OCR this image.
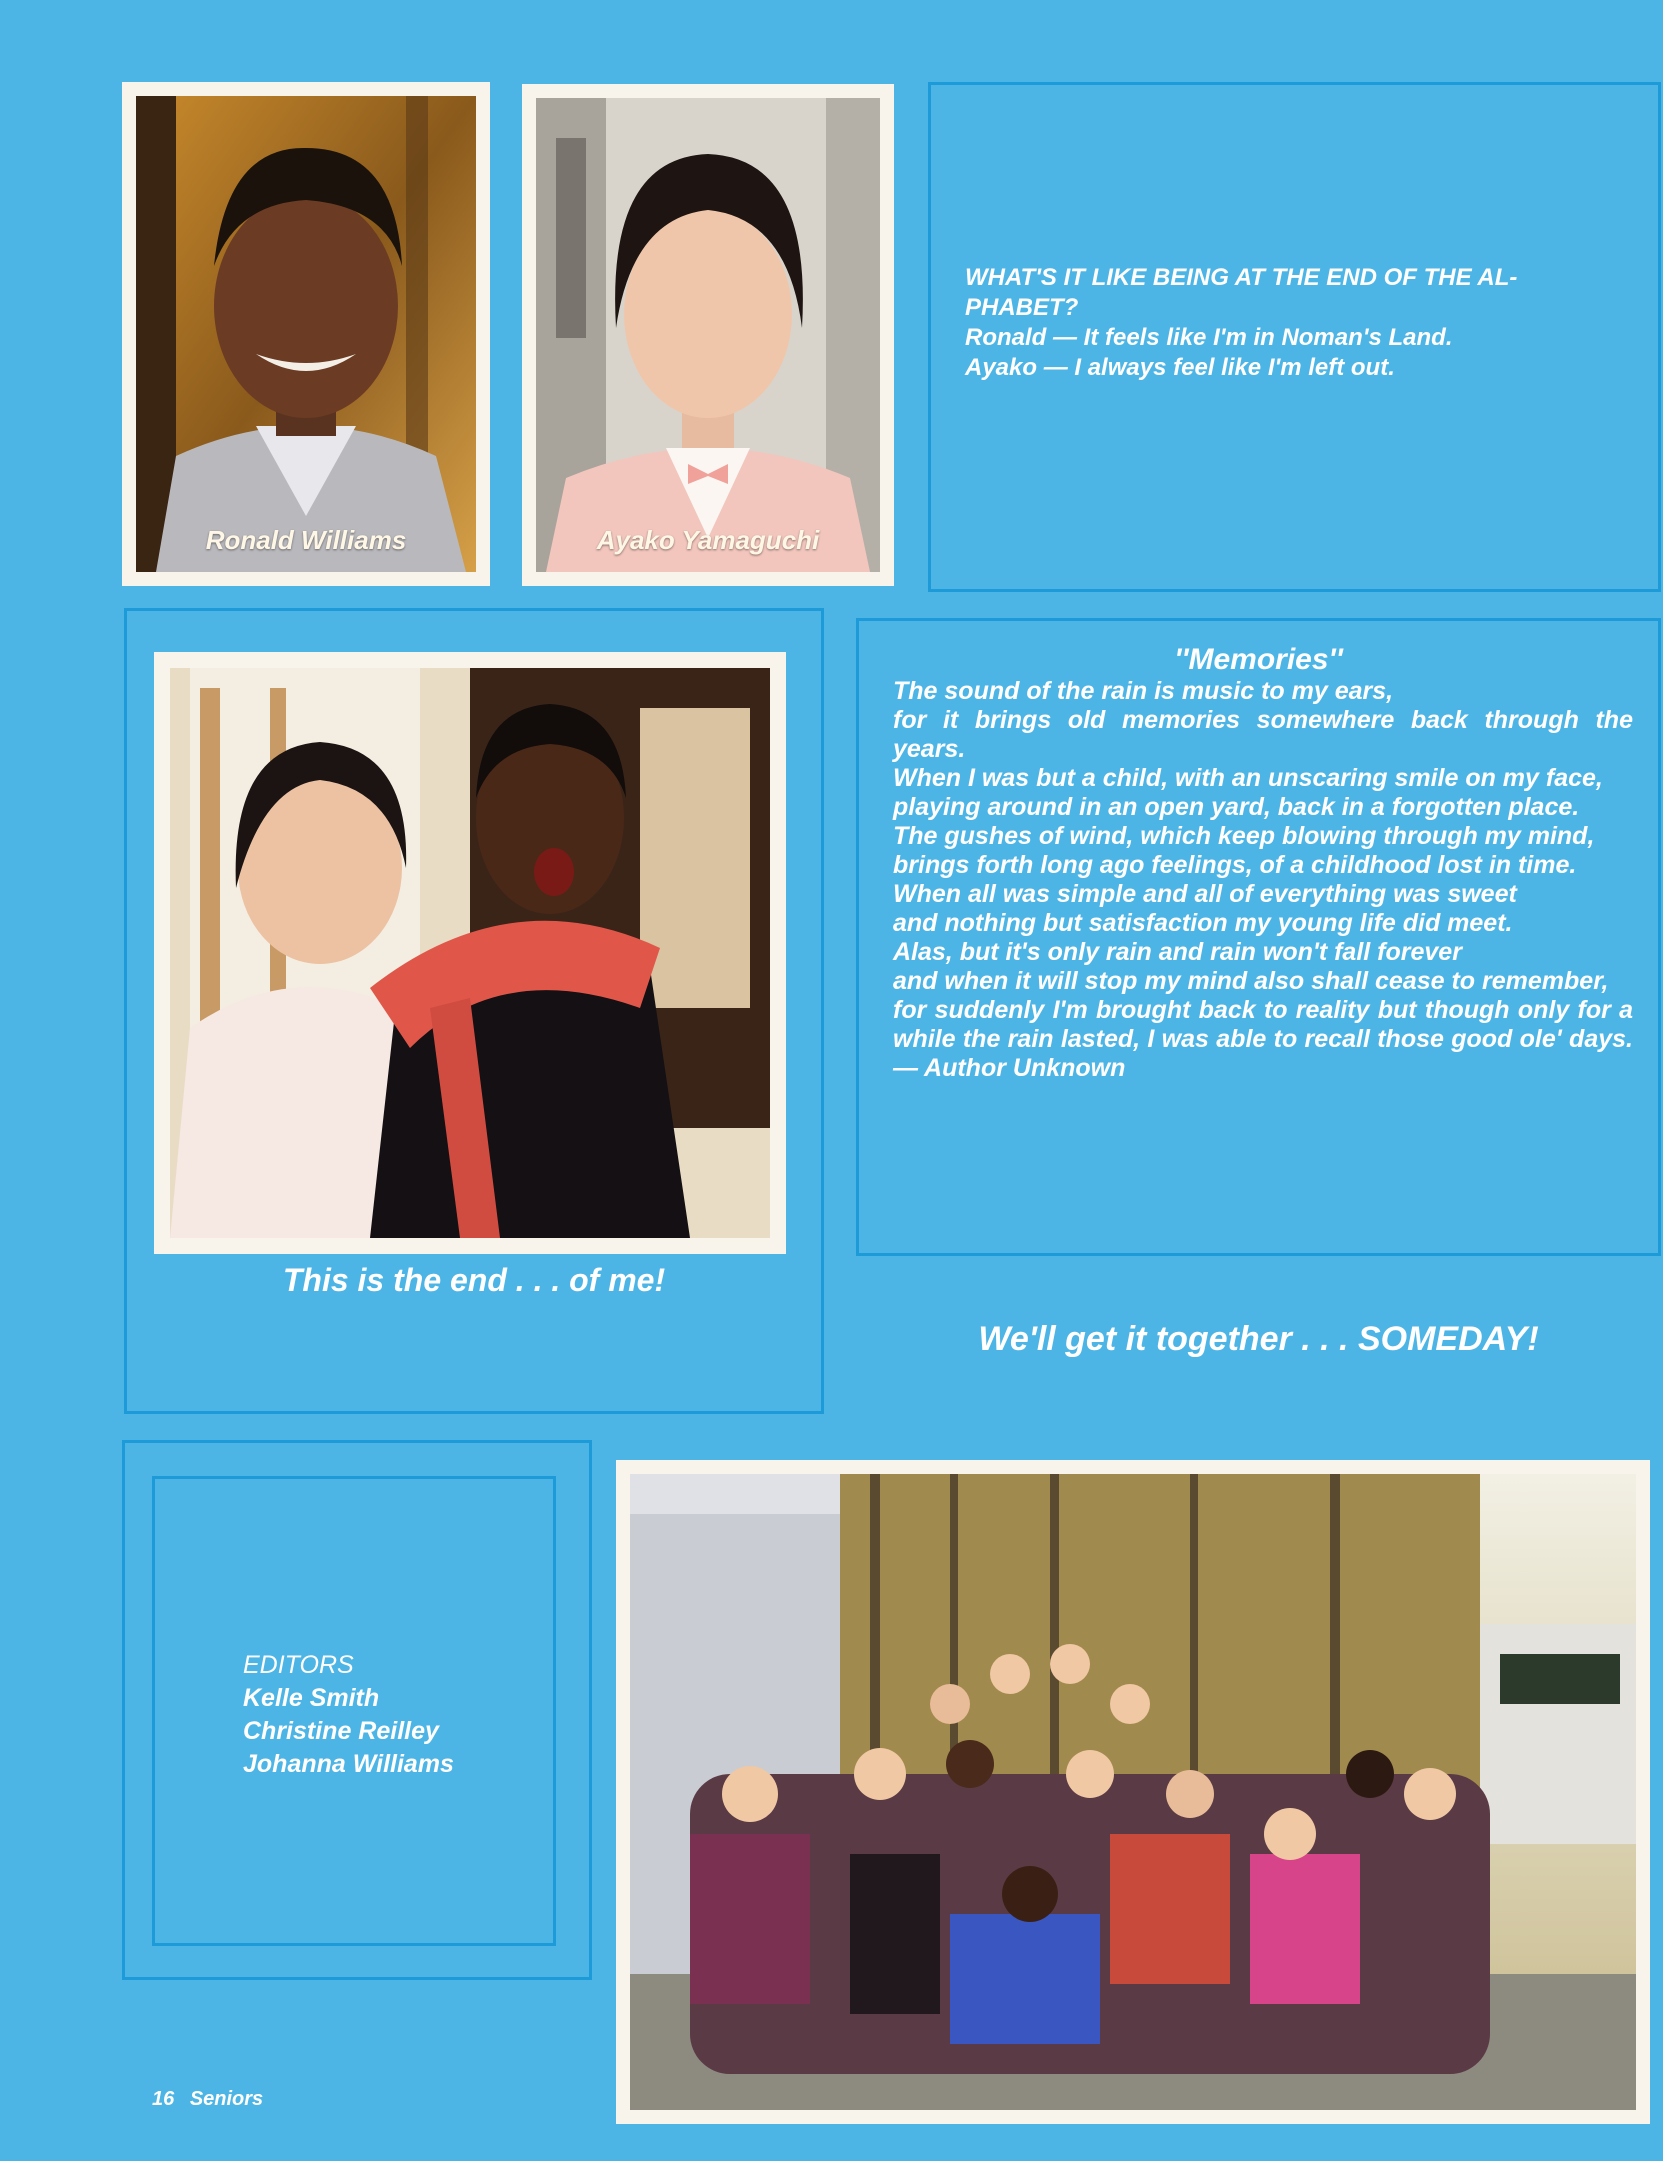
Ronald Williams	Ayako Yamaguchi

WHAT'S IT LIKE BEING AT THE END OF THE AL-PHABET?

Ronald — It feels like I'm in Noman's Land.

Ayako — I always feel like I'm left out.

This is the end . . . of me!
''Memories''
The sound of the rain is music to my ears,
for it brings old memories somewhere back through the years.
When I was but a child, with an unscaring smile on my face,
playing around in an open yard, back in a forgotten place.
The gushes of wind, which keep blowing through my mind,
brings forth long ago feelings, of a childhood lost in time.
When all was simple and all of everything was sweet
and nothing but satisfaction my young life did meet.
Alas, but it's only rain and rain won't fall forever
and when it will stop my mind also shall cease to remember,
for suddenly I'm brought back to reality but though only for a while the rain lasted, I was able to recall those good ole' days. — Author Unknown
We'll get it together . . . SOMEDAY!
EDITORS
Kelle Smith
Christine Reilley
Johanna Williams
16 Seniors
